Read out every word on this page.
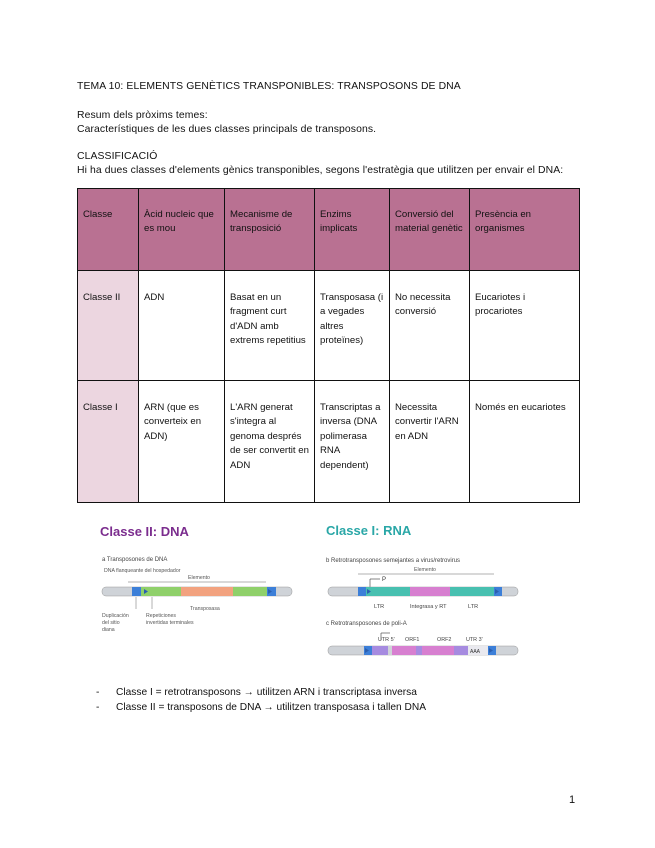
TEMA 10: ELEMENTS GENÈTICS TRANSPONIBLES: TRANSPOSONS DE DNA
Resum dels pròxims temes:
Característiques de les dues classes principals de transposons.
CLASSIFICACIÓ
Hi ha dues classes d'elements gènics transponibles, segons l'estratègia que utilitzen per envair el DNA:
Classe	Àcid nucleic que es mou	Mecanisme de transposició	Enzims implicats	Conversió del material genètic	Presència en organismes
Classe II	ADN	Basat en un fragment curt d'ADN amb extrems repetitius	Transposasa (i a vegades altres proteïnes)	No necessita conversió	Eucariotes i procariotes
Classe I	ARN (que es converteix en ADN)	L'ARN generat s'integra al genoma després de ser convertit en ADN	Transcriptas a inversa (DNA polimerasa RNA dependent)	Necessita convertir l'ARN en ADN	Només en eucariotes
Classe II: DNA	Classe I: RNA
a Transposones de DNA
DNA flanqueante del hospedador
Elemento
Transposasa
Duplicación del sitio diana
Repeticiones invertidas terminales
b Retrotransposones semejantes a virus/retrovirus
Elemento
P
LTR	Integrasa y RT	LTR
c Retrotransposones de poli-A
UTR 5' ORF1	ORF2	UTR 3'
AAA
- Classe I = retrotransposons → utilitzen ARN i transcriptasa inversa
- Classe II = transposons de DNA → utilitzen transposasa i tallen DNA
1
